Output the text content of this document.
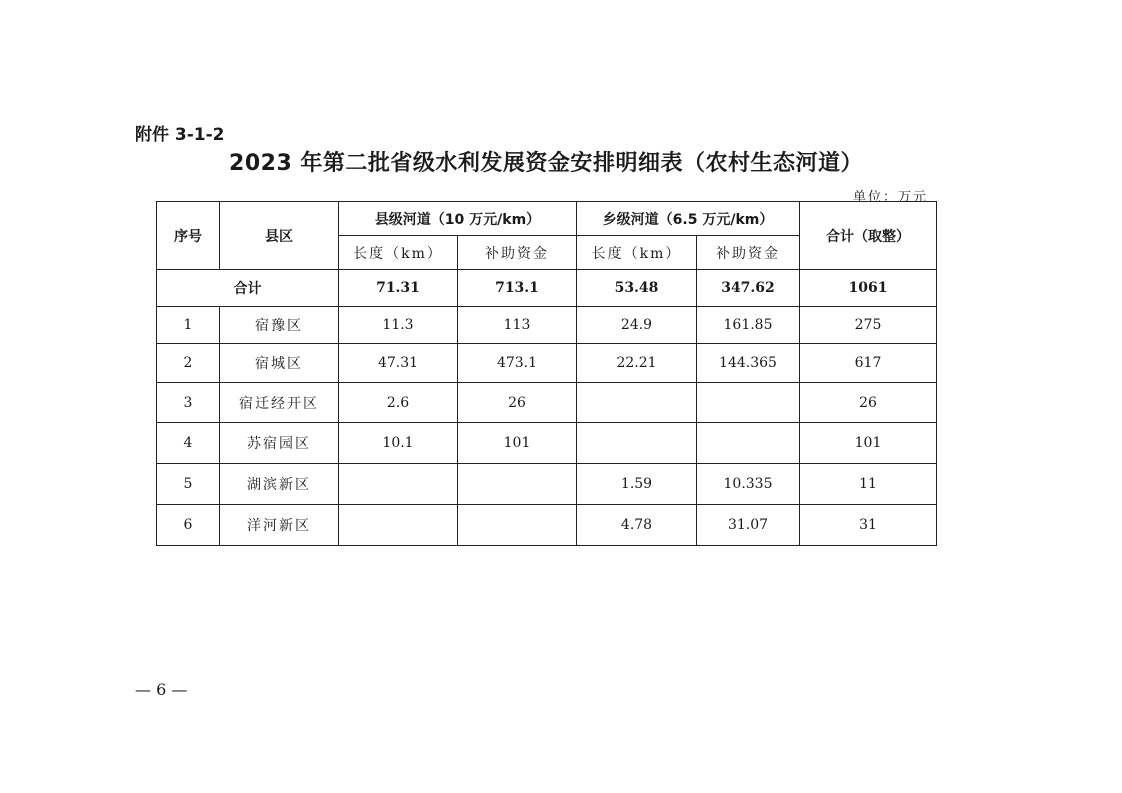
附件 3-1-2
2023 年第二批省级水利发展资金安排明细表（农村生态河道）
单位：万元
序号	县区	县级河道（10 万元/km）		乡级河道（6.5 万元/km）		合计（取整）
		长度（km）	补助资金	长度（km）	补助资金	
合计		71.31	713.1	53.48	347.62	1061
1	宿豫区	11.3	113	24.9	161.85	275
2	宿城区	47.31	473.1	22.21	144.365	617
3	宿迁经开区	2.6	26			26
4	苏宿园区	10.1	101			101
5	湖滨新区			1.59	10.335	11
6	洋河新区			4.78	31.07	31
— 6 —
